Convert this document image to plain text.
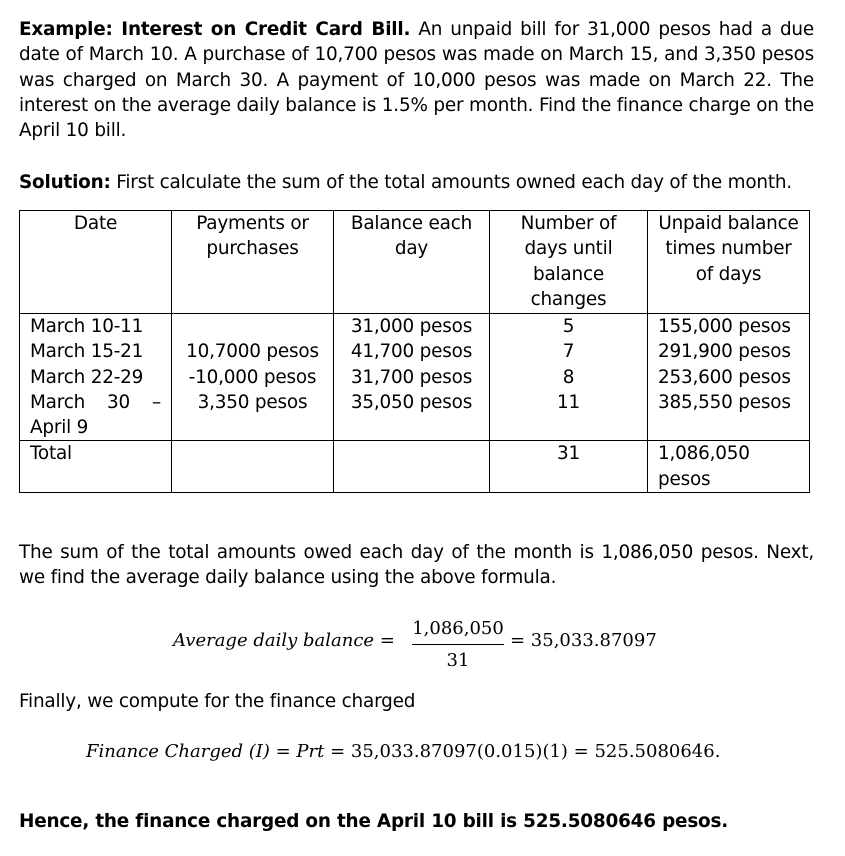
Example: Interest on Credit Card Bill. An unpaid bill for 31,000 pesos had a due date of March 10. A purchase of 10,700 pesos was made on March 15, and 3,350 pesos was charged on March 30. A payment of 10,000 pesos was made on March 22. The interest on the average daily balance is 1.5% per month. Find the finance charge on the April 10 bill.
Solution: First calculate the sum of the total amounts owned each day of the month.
Date	Payments or purchases	Balance each day	Number of days until balance changes	Unpaid balance times number of days
March 10-11		31,000 pesos	5	155,000 pesos
March 15-21	10,7000 pesos	41,700 pesos	7	291,900 pesos
March 22-29	-10,000 pesos	31,700 pesos	8	253,600 pesos
March 30 – April 9	3,350 pesos	35,050 pesos	11	385,550 pesos
Total			31	1,086,050 pesos
The sum of the total amounts owed each day of the month is 1,086,050 pesos. Next, we find the average daily balance using the above formula.
Average daily balance =
1,086,050
31
= 35,033.87097
Finally, we compute for the finance charged
Finance Charged (I) = Prt = 35,033.87097(0.015)(1) = 525.5080646.
Hence, the finance charged on the April 10 bill is 525.5080646 pesos.
